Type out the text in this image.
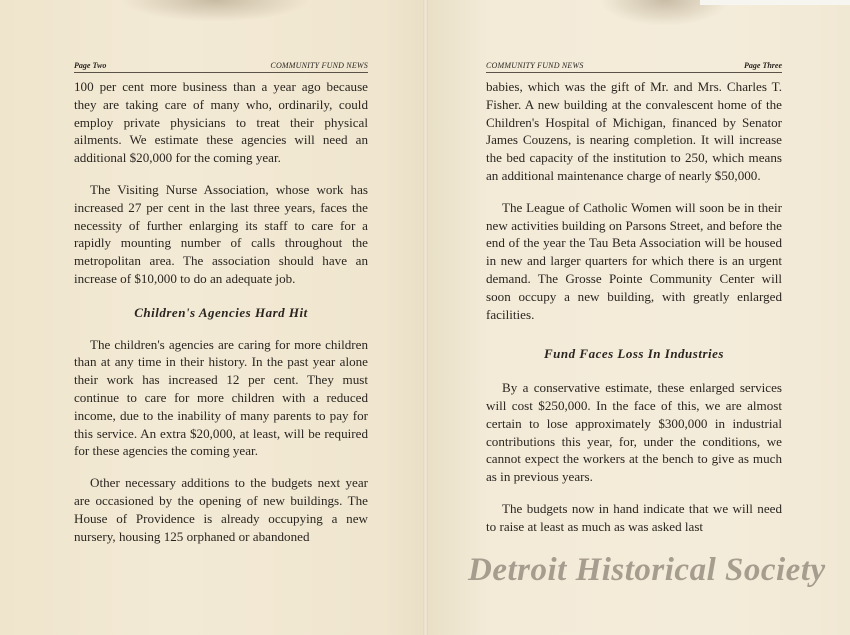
Page Two	COMMUNITY FUND NEWS	COMMUNITY FUND NEWS	Page Three

100 per cent more business than a year ago because they are taking care of many who, ordinarily, could employ private physicians to treat their physical ailments. We estimate these agencies will need an additional $20,000 for the coming year.

The Visiting Nurse Association, whose work has increased 27 per cent in the last three years, faces the necessity of further enlarging its staff to care for a rapidly mounting number of calls throughout the metropolitan area. The association should have an increase of $10,000 to do an adequate job.

Children's Agencies Hard Hit

The children's agencies are caring for more children than at any time in their history. In the past year alone their work has increased 12 per cent. They must continue to care for more children with a reduced income, due to the inability of many parents to pay for this service. An extra $20,000, at least, will be required for these agencies the coming year.

Other necessary additions to the budgets next year are occasioned by the opening of new buildings. The House of Providence is already occupying a new nursery, housing 125 orphaned or abandoned

babies, which was the gift of Mr. and Mrs. Charles T. Fisher. A new building at the convalescent home of the Children's Hospital of Michigan, financed by Senator James Couzens, is nearing completion. It will increase the bed capacity of the institution to 250, which means an additional maintenance charge of nearly $50,000.

The League of Catholic Women will soon be in their new activities building on Parsons Street, and before the end of the year the Tau Beta Association will be housed in new and larger quarters for which there is an urgent demand. The Grosse Pointe Community Center will soon occupy a new building, with greatly enlarged facilities.

Fund Faces Loss In Industries

By a conservative estimate, these enlarged services will cost $250,000. In the face of this, we are almost certain to lose approximately $300,000 in industrial contributions this year, for, under the conditions, we cannot expect the workers at the bench to give as much as in previous years.

The budgets now in hand indicate that we will need to raise at least as much as was asked last

Detroit Historical Society
